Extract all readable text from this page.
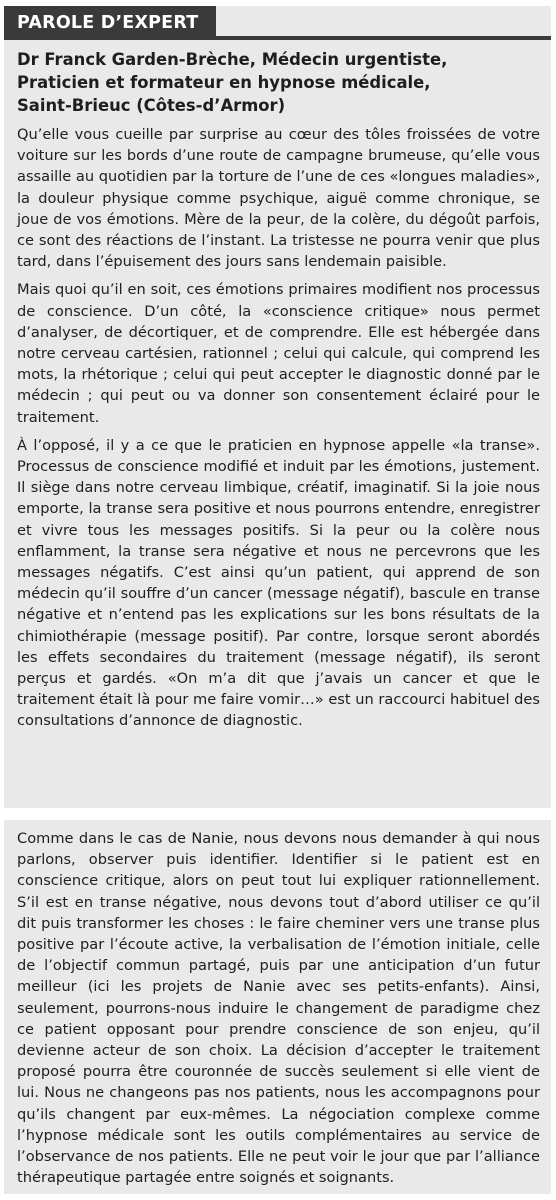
PAROLE D’EXPERT
Dr Franck Garden-Brèche, Médecin urgentiste,
Praticien et formateur en hypnose médicale,
Saint-Brieuc (Côtes-d’Armor)

Qu’elle vous cueille par surprise au cœur des tôles froissées de votre voiture sur les bords d’une route de campagne brumeuse, qu’elle vous assaille au quotidien par la torture de l’une de ces «longues maladies», la douleur physique comme psychique, aiguë comme chronique, se joue de vos émotions. Mère de la peur, de la colère, du dégoût parfois, ce sont des réactions de l’instant. La tristesse ne pourra venir que plus tard, dans l’épuisement des jours sans lendemain paisible.

Mais quoi qu’il en soit, ces émotions primaires modifient nos processus de conscience. D’un côté, la «conscience critique» nous permet d’analyser, de décortiquer, et de comprendre. Elle est hébergée dans notre cerveau cartésien, rationnel ; celui qui calcule, qui comprend les mots, la rhétorique ; celui qui peut accepter le diagnostic donné par le médecin ; qui peut ou va donner son consentement éclairé pour le traitement.

À l’opposé, il y a ce que le praticien en hypnose appelle «la transe». Processus de conscience modifié et induit par les émotions, justement. Il siège dans notre cerveau limbique, créatif, imaginatif. Si la joie nous emporte, la transe sera positive et nous pourrons entendre, enregistrer et vivre tous les messages positifs. Si la peur ou la colère nous enflamment, la transe sera négative et nous ne percevrons que les messages négatifs. C’est ainsi qu’un patient, qui apprend de son médecin qu’il souffre d’un cancer (message négatif), bascule en transe négative et n’entend pas les explications sur les bons résultats de la chimiothérapie (message positif). Par contre, lorsque seront abordés les effets secondaires du traitement (message négatif), ils seront perçus et gardés. «On m’a dit que j’avais un cancer et que le traitement était là pour me faire vomir…» est un raccourci habituel des consultations d’annonce de diagnostic.

Comme dans le cas de Nanie, nous devons nous demander à qui nous parlons, observer puis identifier. Identifier si le patient est en conscience critique, alors on peut tout lui expliquer rationnellement. S’il est en transe négative, nous devons tout d’abord utiliser ce qu’il dit puis transformer les choses : le faire cheminer vers une transe plus positive par l’écoute active, la verbalisation de l’émotion initiale, celle de l’objectif commun partagé, puis par une anticipation d’un futur meilleur (ici les projets de Nanie avec ses petits-enfants). Ainsi, seulement, pourrons-nous induire le changement de paradigme chez ce patient opposant pour prendre conscience de son enjeu, qu’il devienne acteur de son choix. La décision d’accepter le traitement proposé pourra être couronnée de succès seulement si elle vient de lui. Nous ne changeons pas nos patients, nous les accompagnons pour qu’ils changent par eux-mêmes. La négociation complexe comme l’hypnose médicale sont les outils complémentaires au service de l’observance de nos patients. Elle ne peut voir le jour que par l’alliance thérapeutique partagée entre soignés et soignants.
